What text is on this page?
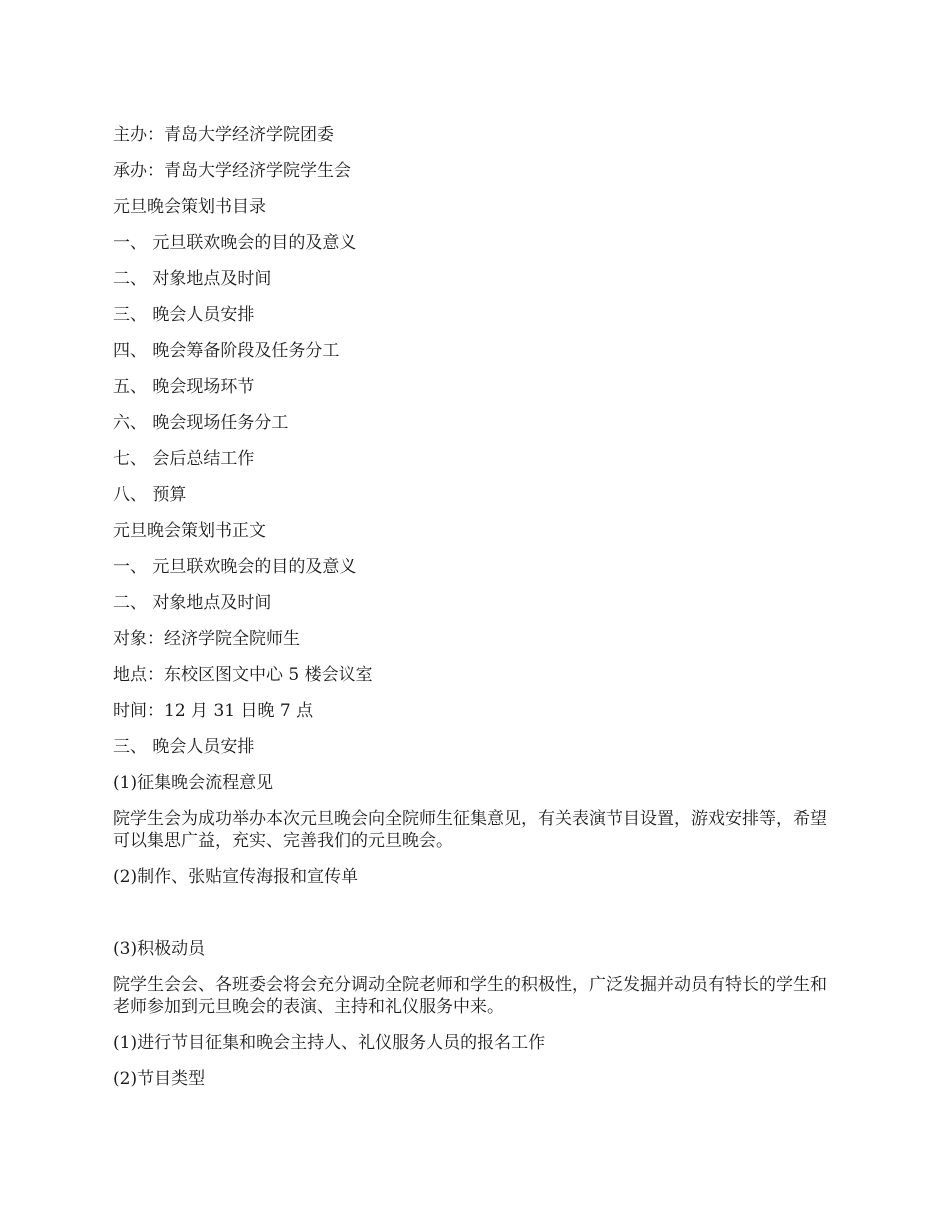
主办：青岛大学经济学院团委

承办：青岛大学经济学院学生会

元旦晚会策划书目录

一、 元旦联欢晚会的目的及意义

二、 对象地点及时间

三、 晚会人员安排

四、 晚会筹备阶段及任务分工

五、 晚会现场环节

六、 晚会现场任务分工

七、 会后总结工作

八、 预算

元旦晚会策划书正文

一、 元旦联欢晚会的目的及意义

二、 对象地点及时间

对象：经济学院全院师生

地点：东校区图文中心 5 楼会议室

时间：12 月 31 日晚 7 点

三、 晚会人员安排

(1)征集晚会流程意见

院学生会为成功举办本次元旦晚会向全院师生征集意见，有关表演节目设置，游戏安排等，希望可以集思广益，充实、完善我们的元旦晚会。

(2)制作、张贴宣传海报和宣传单

(3)积极动员

院学生会会、各班委会将会充分调动全院老师和学生的积极性，广泛发掘并动员有特长的学生和老师参加到元旦晚会的表演、主持和礼仪服务中来。

(1)进行节目征集和晚会主持人、礼仪服务人员的报名工作

(2)节目类型
